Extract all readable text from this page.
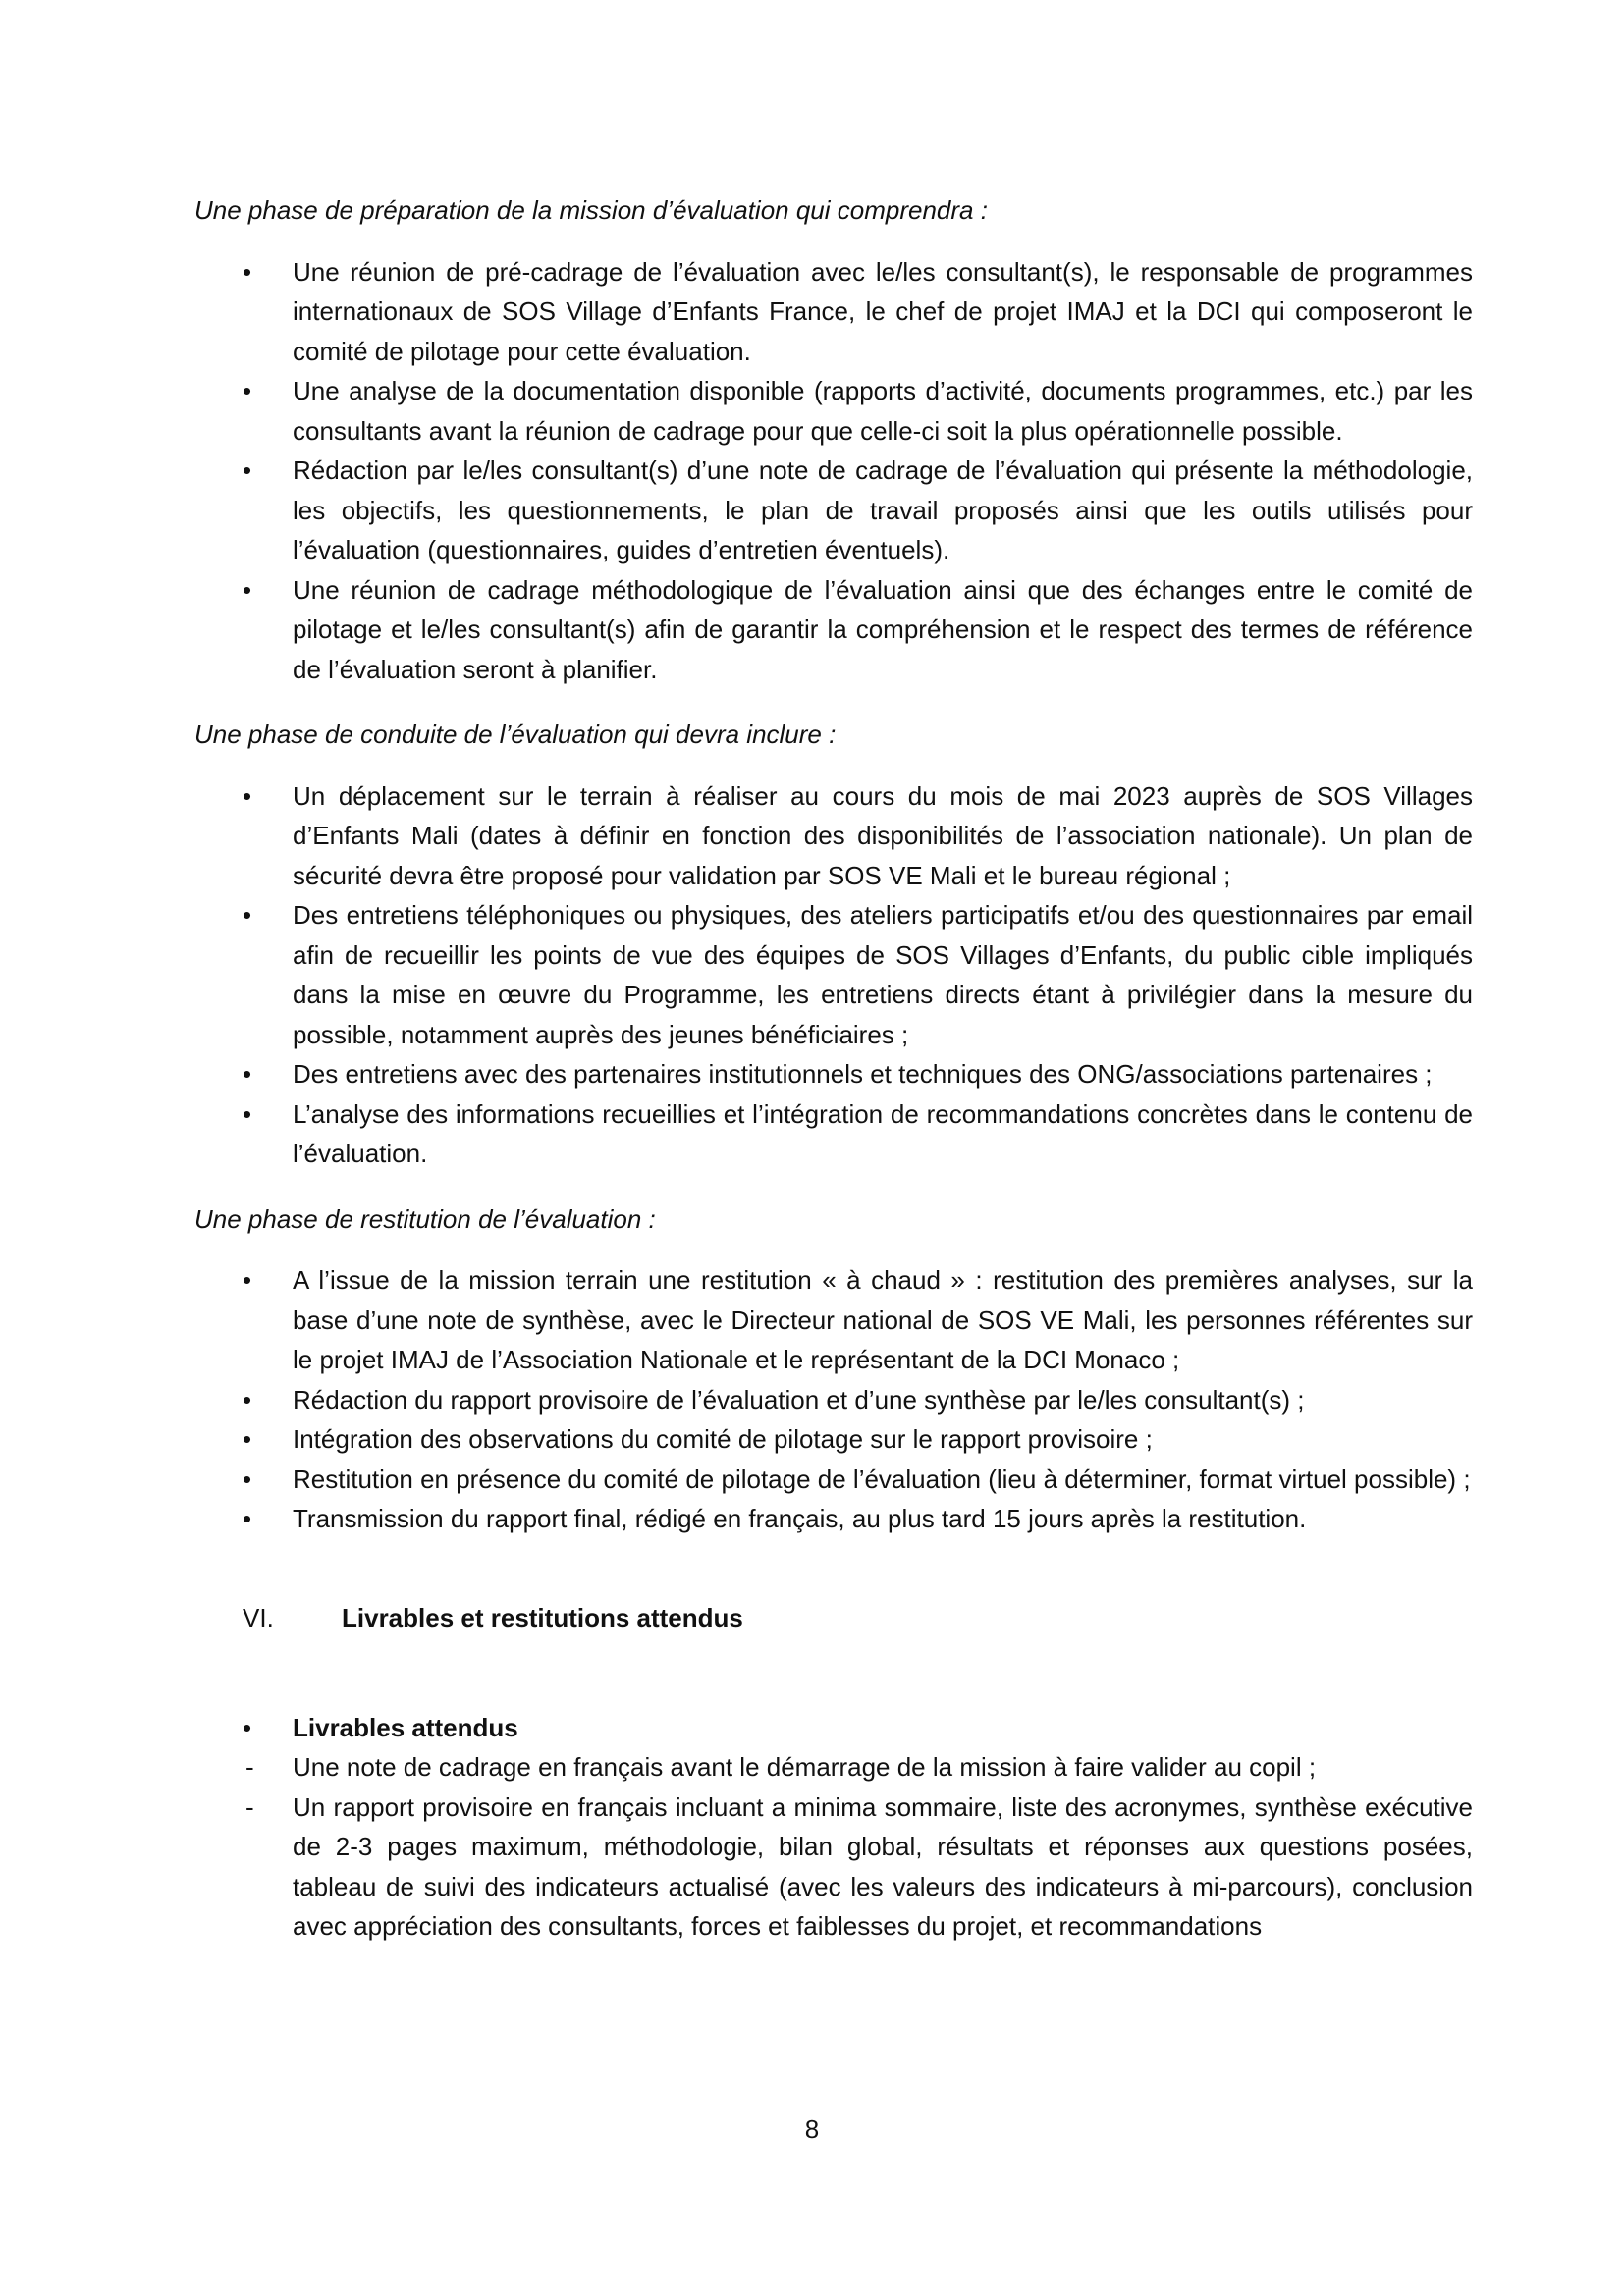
Une phase de préparation de la mission d’évaluation qui comprendra :

• Une réunion de pré-cadrage de l’évaluation avec le/les consultant(s), le responsable de programmes internationaux de SOS Village d’Enfants France, le chef de projet IMAJ et la DCI qui composeront le comité de pilotage pour cette évaluation.
• Une analyse de la documentation disponible (rapports d’activité, documents programmes, etc.) par les consultants avant la réunion de cadrage pour que celle-ci soit la plus opérationnelle possible.
• Rédaction par le/les consultant(s) d’une note de cadrage de l’évaluation qui présente la méthodologie, les objectifs, les questionnements, le plan de travail proposés ainsi que les outils utilisés pour l’évaluation (questionnaires, guides d’entretien éventuels).
• Une réunion de cadrage méthodologique de l’évaluation ainsi que des échanges entre le comité de pilotage et le/les consultant(s) afin de garantir la compréhension et le respect des termes de référence de l’évaluation seront à planifier.

Une phase de conduite de l’évaluation qui devra inclure :

• Un déplacement sur le terrain à réaliser au cours du mois de mai 2023 auprès de SOS Villages d’Enfants Mali (dates à définir en fonction des disponibilités de l’association nationale). Un plan de sécurité devra être proposé pour validation par SOS VE Mali et le bureau régional ;
• Des entretiens téléphoniques ou physiques, des ateliers participatifs et/ou des questionnaires par email afin de recueillir les points de vue des équipes de SOS Villages d’Enfants, du public cible impliqués dans la mise en œuvre du Programme, les entretiens directs étant à privilégier dans la mesure du possible, notamment auprès des jeunes bénéficiaires ;
• Des entretiens avec des partenaires institutionnels et techniques des ONG/associations partenaires ;
• L’analyse des informations recueillies et l’intégration de recommandations concrètes dans le contenu de l’évaluation.

Une phase de restitution de l’évaluation :

• A l’issue de la mission terrain une restitution « à chaud » : restitution des premières analyses, sur la base d’une note de synthèse, avec le Directeur national de SOS VE Mali, les personnes référentes sur le projet IMAJ de l’Association Nationale et le représentant de la DCI Monaco ;
• Rédaction du rapport provisoire de l’évaluation et d’une synthèse par le/les consultant(s) ;
• Intégration des observations du comité de pilotage sur le rapport provisoire ;
• Restitution en présence du comité de pilotage de l’évaluation (lieu à déterminer, format virtuel possible) ;
• Transmission du rapport final, rédigé en français, au plus tard 15 jours après la restitution.
VI.	Livrables et restitutions attendus
• Livrables attendus
- Une note de cadrage en français avant le démarrage de la mission à faire valider au copil ;
- Un rapport provisoire en français incluant a minima sommaire, liste des acronymes, synthèse exécutive de 2-3 pages maximum, méthodologie, bilan global, résultats et réponses aux questions posées, tableau de suivi des indicateurs actualisé (avec les valeurs des indicateurs à mi-parcours), conclusion avec appréciation des consultants, forces et faiblesses du projet, et recommandations
8
